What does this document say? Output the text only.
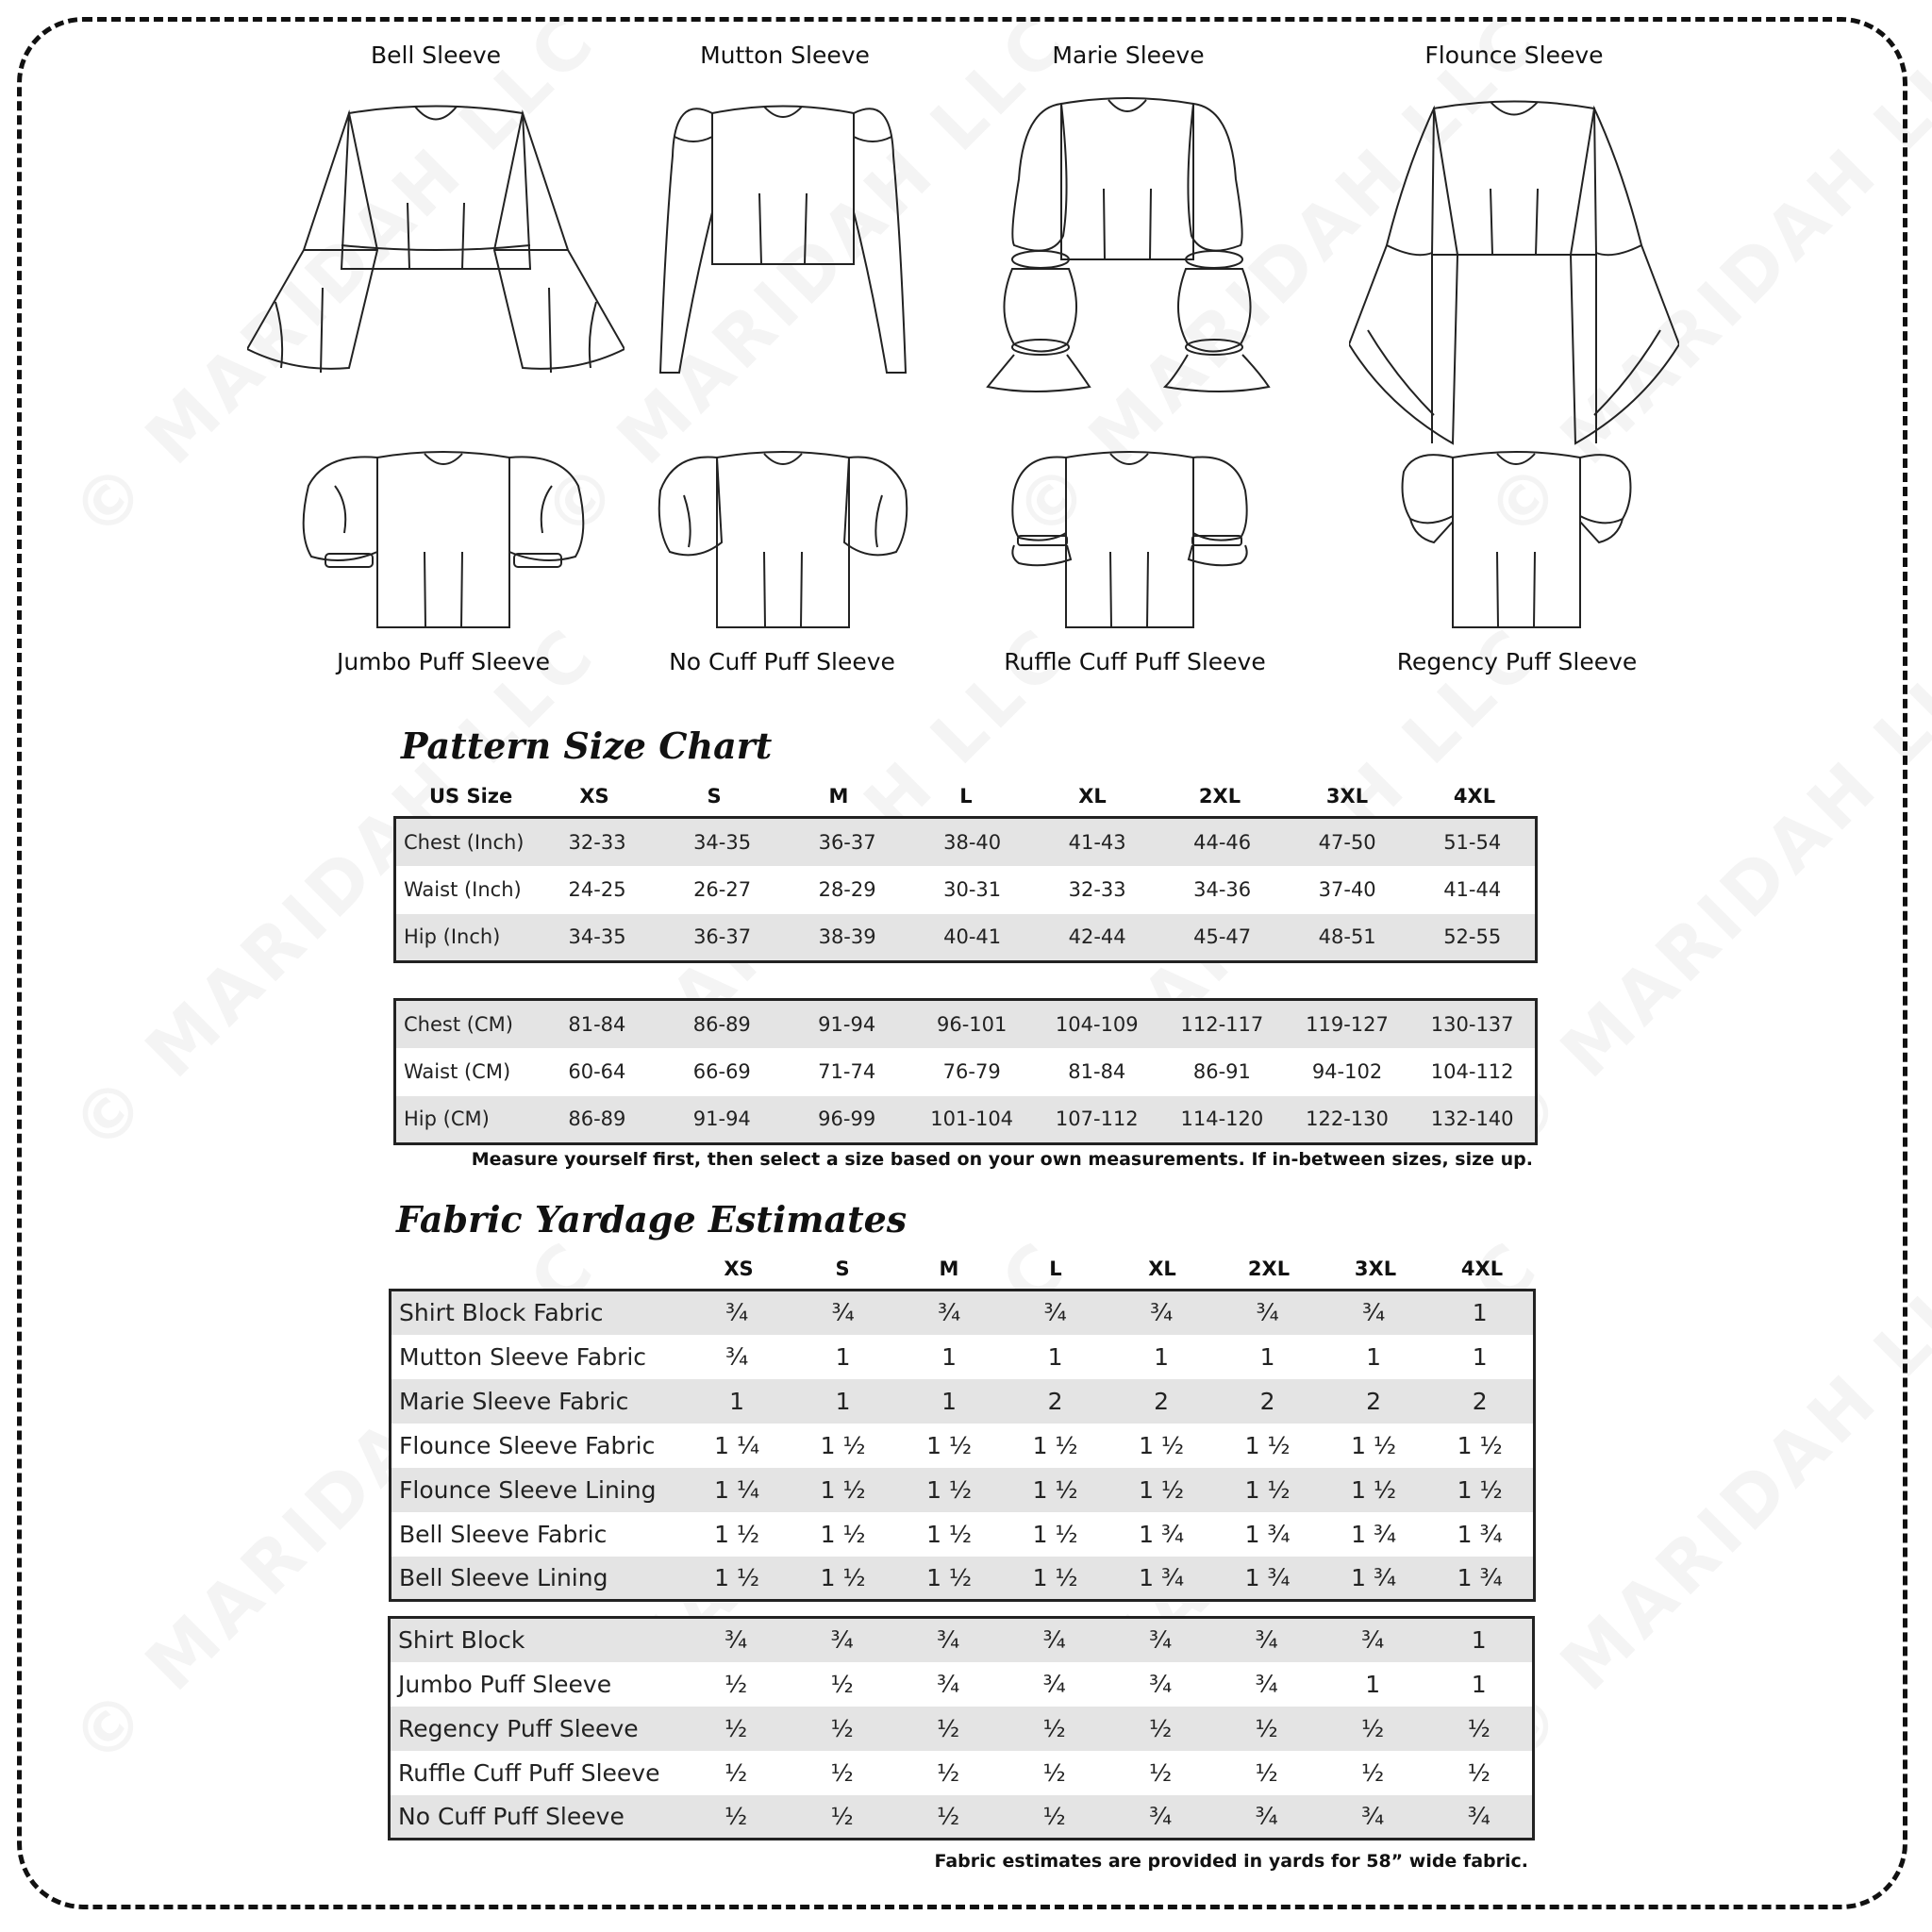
Bell Sleeve	Mutton Sleeve	Marie Sleeve	Flounce Sleeve
Jumbo Puff Sleeve	No Cuff Puff Sleeve	Ruffle Cuff Puff Sleeve	Regency Puff Sleeve
Pattern Size Chart
US Size	XS	S	M	L	XL	2XL	3XL	4XL
Chest (Inch)	32-33	34-35	36-37	38-40	41-43	44-46	47-50	51-54
Waist (Inch)	24-25	26-27	28-29	30-31	32-33	34-36	37-40	41-44
Hip (Inch)	34-35	36-37	38-39	40-41	42-44	45-47	48-51	52-55
Chest (CM)	81-84	86-89	91-94	96-101	104-109	112-117	119-127	130-137
Waist (CM)	60-64	66-69	71-74	76-79	81-84	86-91	94-102	104-112
Hip (CM)	86-89	91-94	96-99	101-104	107-112	114-120	122-130	132-140
Measure yourself first, then select a size based on your own measurements. If in-between sizes, size up.
Fabric Yardage Estimates
XS	S	M	L	XL	2XL	3XL	4XL
Shirt Block Fabric	¾	¾	¾	¾	¾	¾	¾	1
Mutton Sleeve Fabric	¾	1	1	1	1	1	1	1
Marie Sleeve Fabric	1	1	1	2	2	2	2	2
Flounce Sleeve Fabric	1 ¼	1 ½	1 ½	1 ½	1 ½	1 ½	1 ½	1 ½
Flounce Sleeve Lining	1 ¼	1 ½	1 ½	1 ½	1 ½	1 ½	1 ½	1 ½
Bell Sleeve Fabric	1 ½	1 ½	1 ½	1 ½	1 ¾	1 ¾	1 ¾	1 ¾
Bell Sleeve Lining	1 ½	1 ½	1 ½	1 ½	1 ¾	1 ¾	1 ¾	1 ¾
Shirt Block	¾	¾	¾	¾	¾	¾	¾	1
Jumbo Puff Sleeve	½	½	¾	¾	¾	¾	1	1
Regency Puff Sleeve	½	½	½	½	½	½	½	½
Ruffle Cuff Puff Sleeve	½	½	½	½	½	½	½	½
No Cuff Puff Sleeve	½	½	½	½	¾	¾	¾	¾
Fabric estimates are provided in yards for 58” wide fabric.
